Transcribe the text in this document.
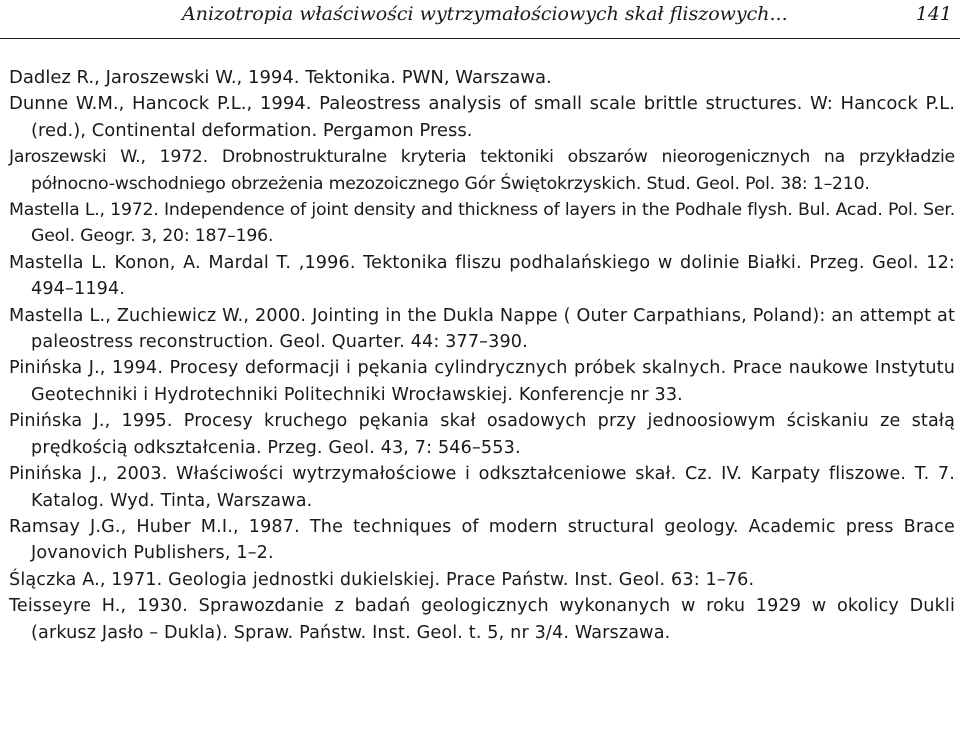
Anizotropia właściwości wytrzymałościowych skał fliszowych...	141

Dadlez R., Jaroszewski W., 1994. Tektonika. PWN, Warszawa.

Dunne W.M., Hancock P.L., 1994. Paleostress analysis of small scale brittle structures. W: Hancock P.L. (red.), Continental deformation. Pergamon Press.

Jaroszewski W., 1972. Drobnostrukturalne kryteria tektoniki obszarów nieorogenicznych na przykładzie północno-wschodniego obrzeżenia mezozoicznego Gór Świętokrzyskich. Stud. Geol. Pol. 38: 1–210.

Mastella L., 1972. Independence of joint density and thickness of layers in the Podhale flysh. Bul. Acad. Pol. Ser. Geol. Geogr. 3, 20: 187–196.

Mastella L. Konon, A. Mardal T. ,1996. Tektonika fliszu podhalańskiego w dolinie Białki. Przeg. Geol. 12: 494–1194.

Mastella L., Zuchiewicz W., 2000. Jointing in the Dukla Nappe ( Outer Carpathians, Poland): an attempt at paleostress reconstruction. Geol. Quarter. 44: 377–390.

Pinińska J., 1994. Procesy deformacji i pękania cylindrycznych próbek skalnych. Prace naukowe Instytutu Geotechniki i Hydrotechniki Politechniki Wrocławskiej. Konferencje nr 33.

Pinińska J., 1995. Procesy kruchego pękania skał osadowych przy jednoosiowym ściskaniu ze stałą prędkością odkształcenia. Przeg. Geol. 43, 7: 546–553.

Pinińska J., 2003. Właściwości wytrzymałościowe i odkształceniowe skał. Cz. IV. Karpaty fliszowe. T. 7. Katalog. Wyd. Tinta, Warszawa.

Ramsay J.G., Huber M.I., 1987. The techniques of modern structural geology. Academic press Brace Jovanovich Publishers, 1–2.

Ślączka A., 1971. Geologia jednostki dukielskiej. Prace Państw. Inst. Geol. 63: 1–76.

Teisseyre H., 1930. Sprawozdanie z badań geologicznych wykonanych w roku 1929 w okolicy Dukli (arkusz Jasło – Dukla). Spraw. Państw. Inst. Geol. t. 5, nr 3/4. Warszawa.
